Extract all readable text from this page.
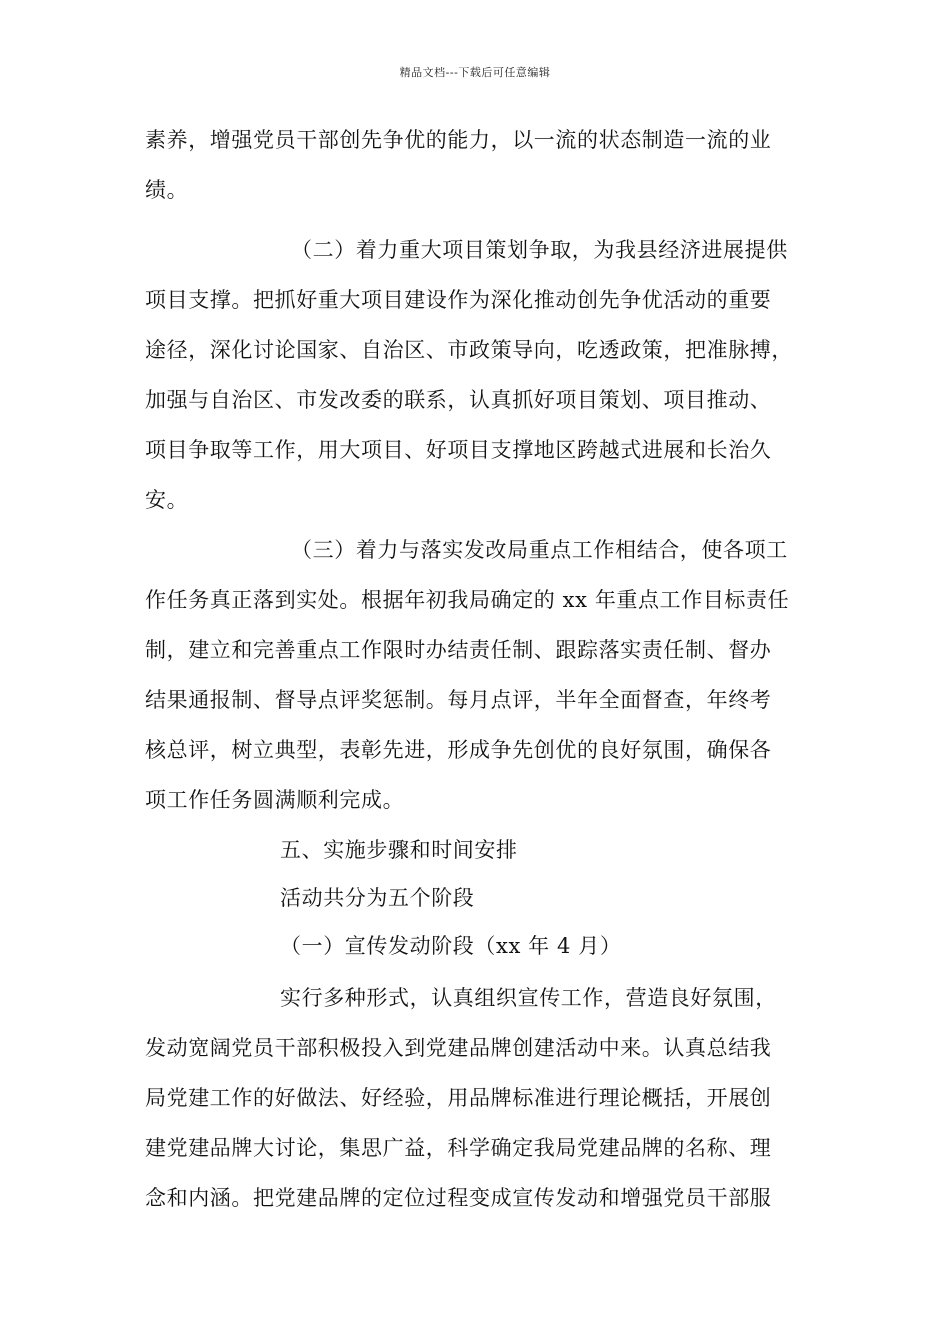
精品文档---下载后可任意编辑
素养，增强党员干部创先争优的能力，以一流的状态制造一流的业
绩。
（二）着力重大项目策划争取，为我县经济进展提供
项目支撑。把抓好重大项目建设作为深化推动创先争优活动的重要
途径，深化讨论国家、自治区、市政策导向，吃透政策，把准脉搏，
加强与自治区、市发改委的联系，认真抓好项目策划、项目推动、
项目争取等工作，用大项目、好项目支撑地区跨越式进展和长治久
安。
（三）着力与落实发改局重点工作相结合，使各项工
作任务真正落到实处。根据年初我局确定的 xx 年重点工作目标责任
制，建立和完善重点工作限时办结责任制、跟踪落实责任制、督办
结果通报制、督导点评奖惩制。每月点评，半年全面督查，年终考
核总评，树立典型，表彰先进，形成争先创优的良好氛围，确保各
项工作任务圆满顺利完成。
五、实施步骤和时间安排
活动共分为五个阶段
（一）宣传发动阶段（xx 年 4 月）
实行多种形式，认真组织宣传工作，营造良好氛围，
发动宽阔党员干部积极投入到党建品牌创建活动中来。认真总结我
局党建工作的好做法、好经验，用品牌标准进行理论概括，开展创
建党建品牌大讨论，集思广益，科学确定我局党建品牌的名称、理
念和内涵。把党建品牌的定位过程变成宣传发动和增强党员干部服
